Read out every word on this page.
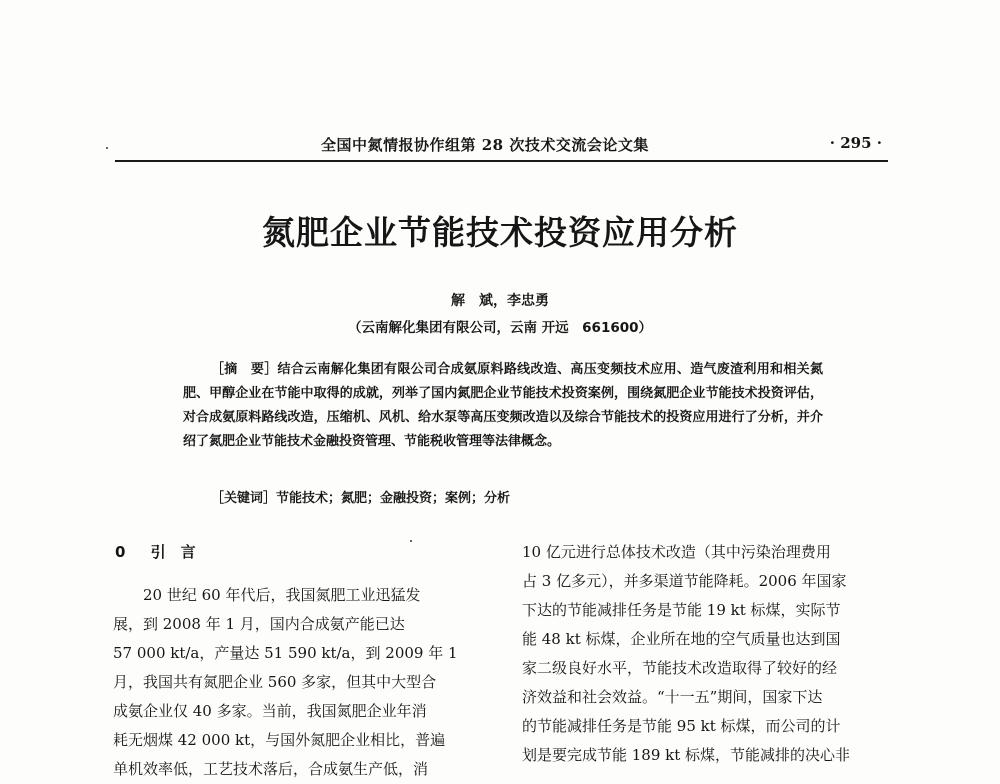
全国中氮情报协作组第 28 次技术交流会论文集	· 295 ·
氮肥企业节能技术投资应用分析
解　斌，李忠勇
（云南解化集团有限公司，云南 开远　661600）

［摘　要］结合云南解化集团有限公司合成氨原料路线改造、高压变频技术应用、造气废渣利用和相关氮肥、甲醇企业在节能中取得的成就，列举了国内氮肥企业节能技术投资案例，围绕氮肥企业节能技术投资评估，对合成氨原料路线改造，压缩机、风机、给水泵等高压变频改造以及综合节能技术的投资应用进行了分析，并介绍了氮肥企业节能技术金融投资管理、节能税收管理等法律概念。

［关键词］节能技术；氮肥；金融投资；案例；分析
0 引　言
　　20 世纪 60 年代后，我国氮肥工业迅猛发
展，到 2008 年 1 月，国内合成氨产能已达
57 000 kt/a，产量达 51 590 kt/a，到 2009 年 1
月，我国共有氮肥企业 560 多家，但其中大型合
成氨企业仅 40 多家。当前，我国氮肥企业年消
耗无烟煤 42 000 kt，与国外氮肥企业相比，普遍
单机效率低，工艺技术落后，合成氨生产低，消
10 亿元进行总体技术改造（其中污染治理费用
占 3 亿多元），并多渠道节能降耗。2006 年国家
下达的节能减排任务是节能 19 kt 标煤，实际节
能 48 kt 标煤，企业所在地的空气质量也达到国
家二级良好水平，节能技术改造取得了较好的经
济效益和社会效益。“十一五”期间，国家下达
的节能减排任务是节能 95 kt 标煤，而公司的计
划是要完成节能 189 kt 标煤，节能减排的决心非
